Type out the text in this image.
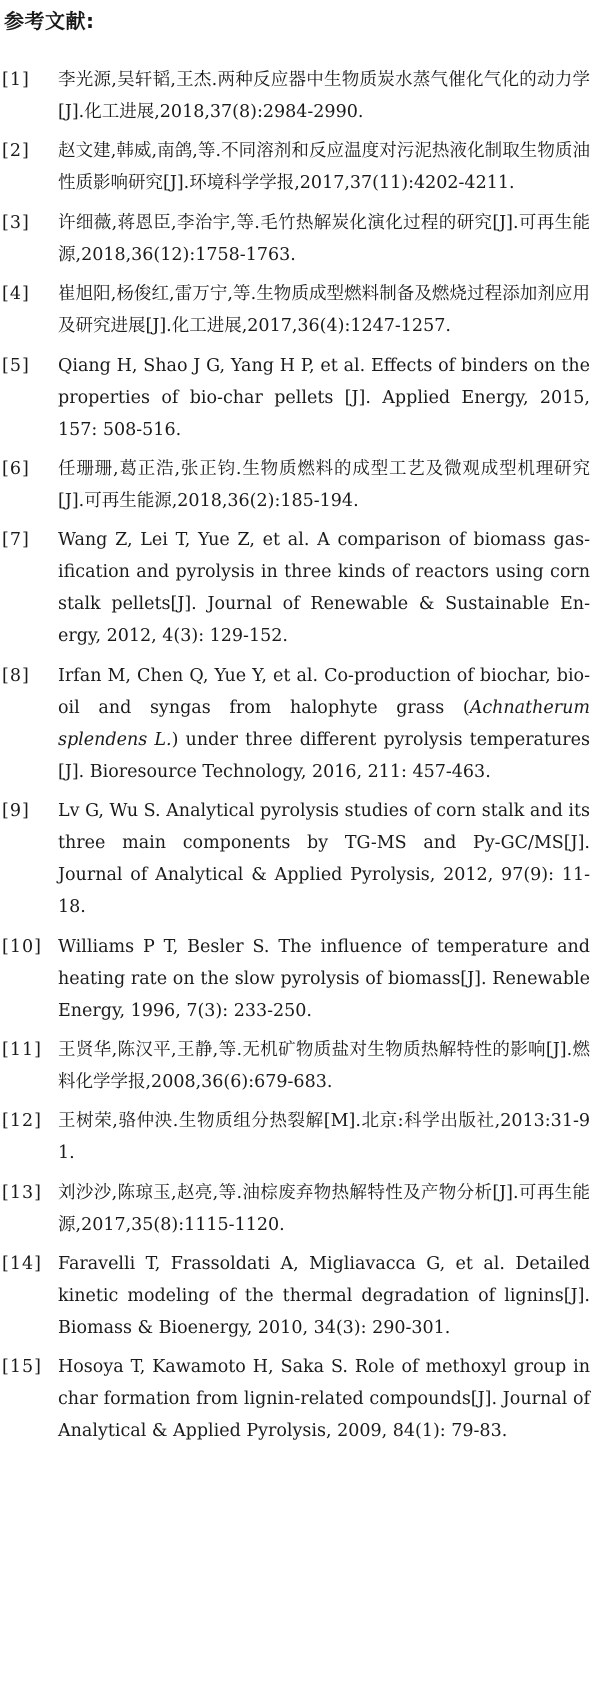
参考文献:
[1]	李光源,吴轩韬,王杰.两种反应器中生物质炭水蒸气催化气化的动力学[J].化工进展,2018,37(8):2984-2990.
[2]	赵文建,韩威,南鸽,等.不同溶剂和反应温度对污泥热液化制取生物质油性质影响研究[J].环境科学学报,2017,37(11):4202-4211.
[3]	许细薇,蒋恩臣,李治宇,等.毛竹热解炭化演化过程的研究[J].可再生能源,2018,36(12):1758-1763.
[4]	崔旭阳,杨俊红,雷万宁,等.生物质成型燃料制备及燃烧过程添加剂应用及研究进展[J].化工进展,2017,36(4):1247-1257.
[5]	Qiang H, Shao J G, Yang H P, et al. Effects of binders on the properties of bio-char pellets [J]. Applied Energy, 2015, 157: 508-516.
[6]	任珊珊,葛正浩,张正钧.生物质燃料的成型工艺及微观成型机理研究[J].可再生能源,2018,36(2):185-194.
[7]	Wang Z, Lei T, Yue Z, et al. A comparison of biomass gasification and pyrolysis in three kinds of reactors using corn stalk pellets[J]. Journal of Renewable & Sustainable Energy, 2012, 4(3): 129-152.
[8]	Irfan M, Chen Q, Yue Y, et al. Co-production of biochar, bio-oil and syngas from halophyte grass (Achnatherum splendens L.) under three different pyrolysis temperatures [J]. Bioresource Technology, 2016, 211: 457-463.
[9]	Lv G, Wu S. Analytical pyrolysis studies of corn stalk and its three main components by TG-MS and Py-GC/MS[J]. Journal of Analytical & Applied Pyrolysis, 2012, 97(9): 11-18.
[10] Williams P T, Besler S. The influence of temperature and heating rate on the slow pyrolysis of biomass[J]. Renewable Energy, 1996, 7(3): 233-250.
[11] 王贤华,陈汉平,王静,等.无机矿物质盐对生物质热解特性的影响[J].燃料化学学报,2008,36(6):679-683.
[12] 王树荣,骆仲泱.生物质组分热裂解[M].北京:科学出版社,2013:31-91.
[13] 刘沙沙,陈琼玉,赵亮,等.油棕废弃物热解特性及产物分析[J].可再生能源,2017,35(8):1115-1120.
[14] Faravelli T, Frassoldati A, Migliavacca G, et al. Detailed kinetic modeling of the thermal degradation of lignins[J]. Biomass & Bioenergy, 2010, 34(3): 290-301.
[15] Hosoya T, Kawamoto H, Saka S. Role of methoxyl group in char formation from lignin-related compounds[J]. Journal of Analytical & Applied Pyrolysis, 2009, 84(1): 79-83.
